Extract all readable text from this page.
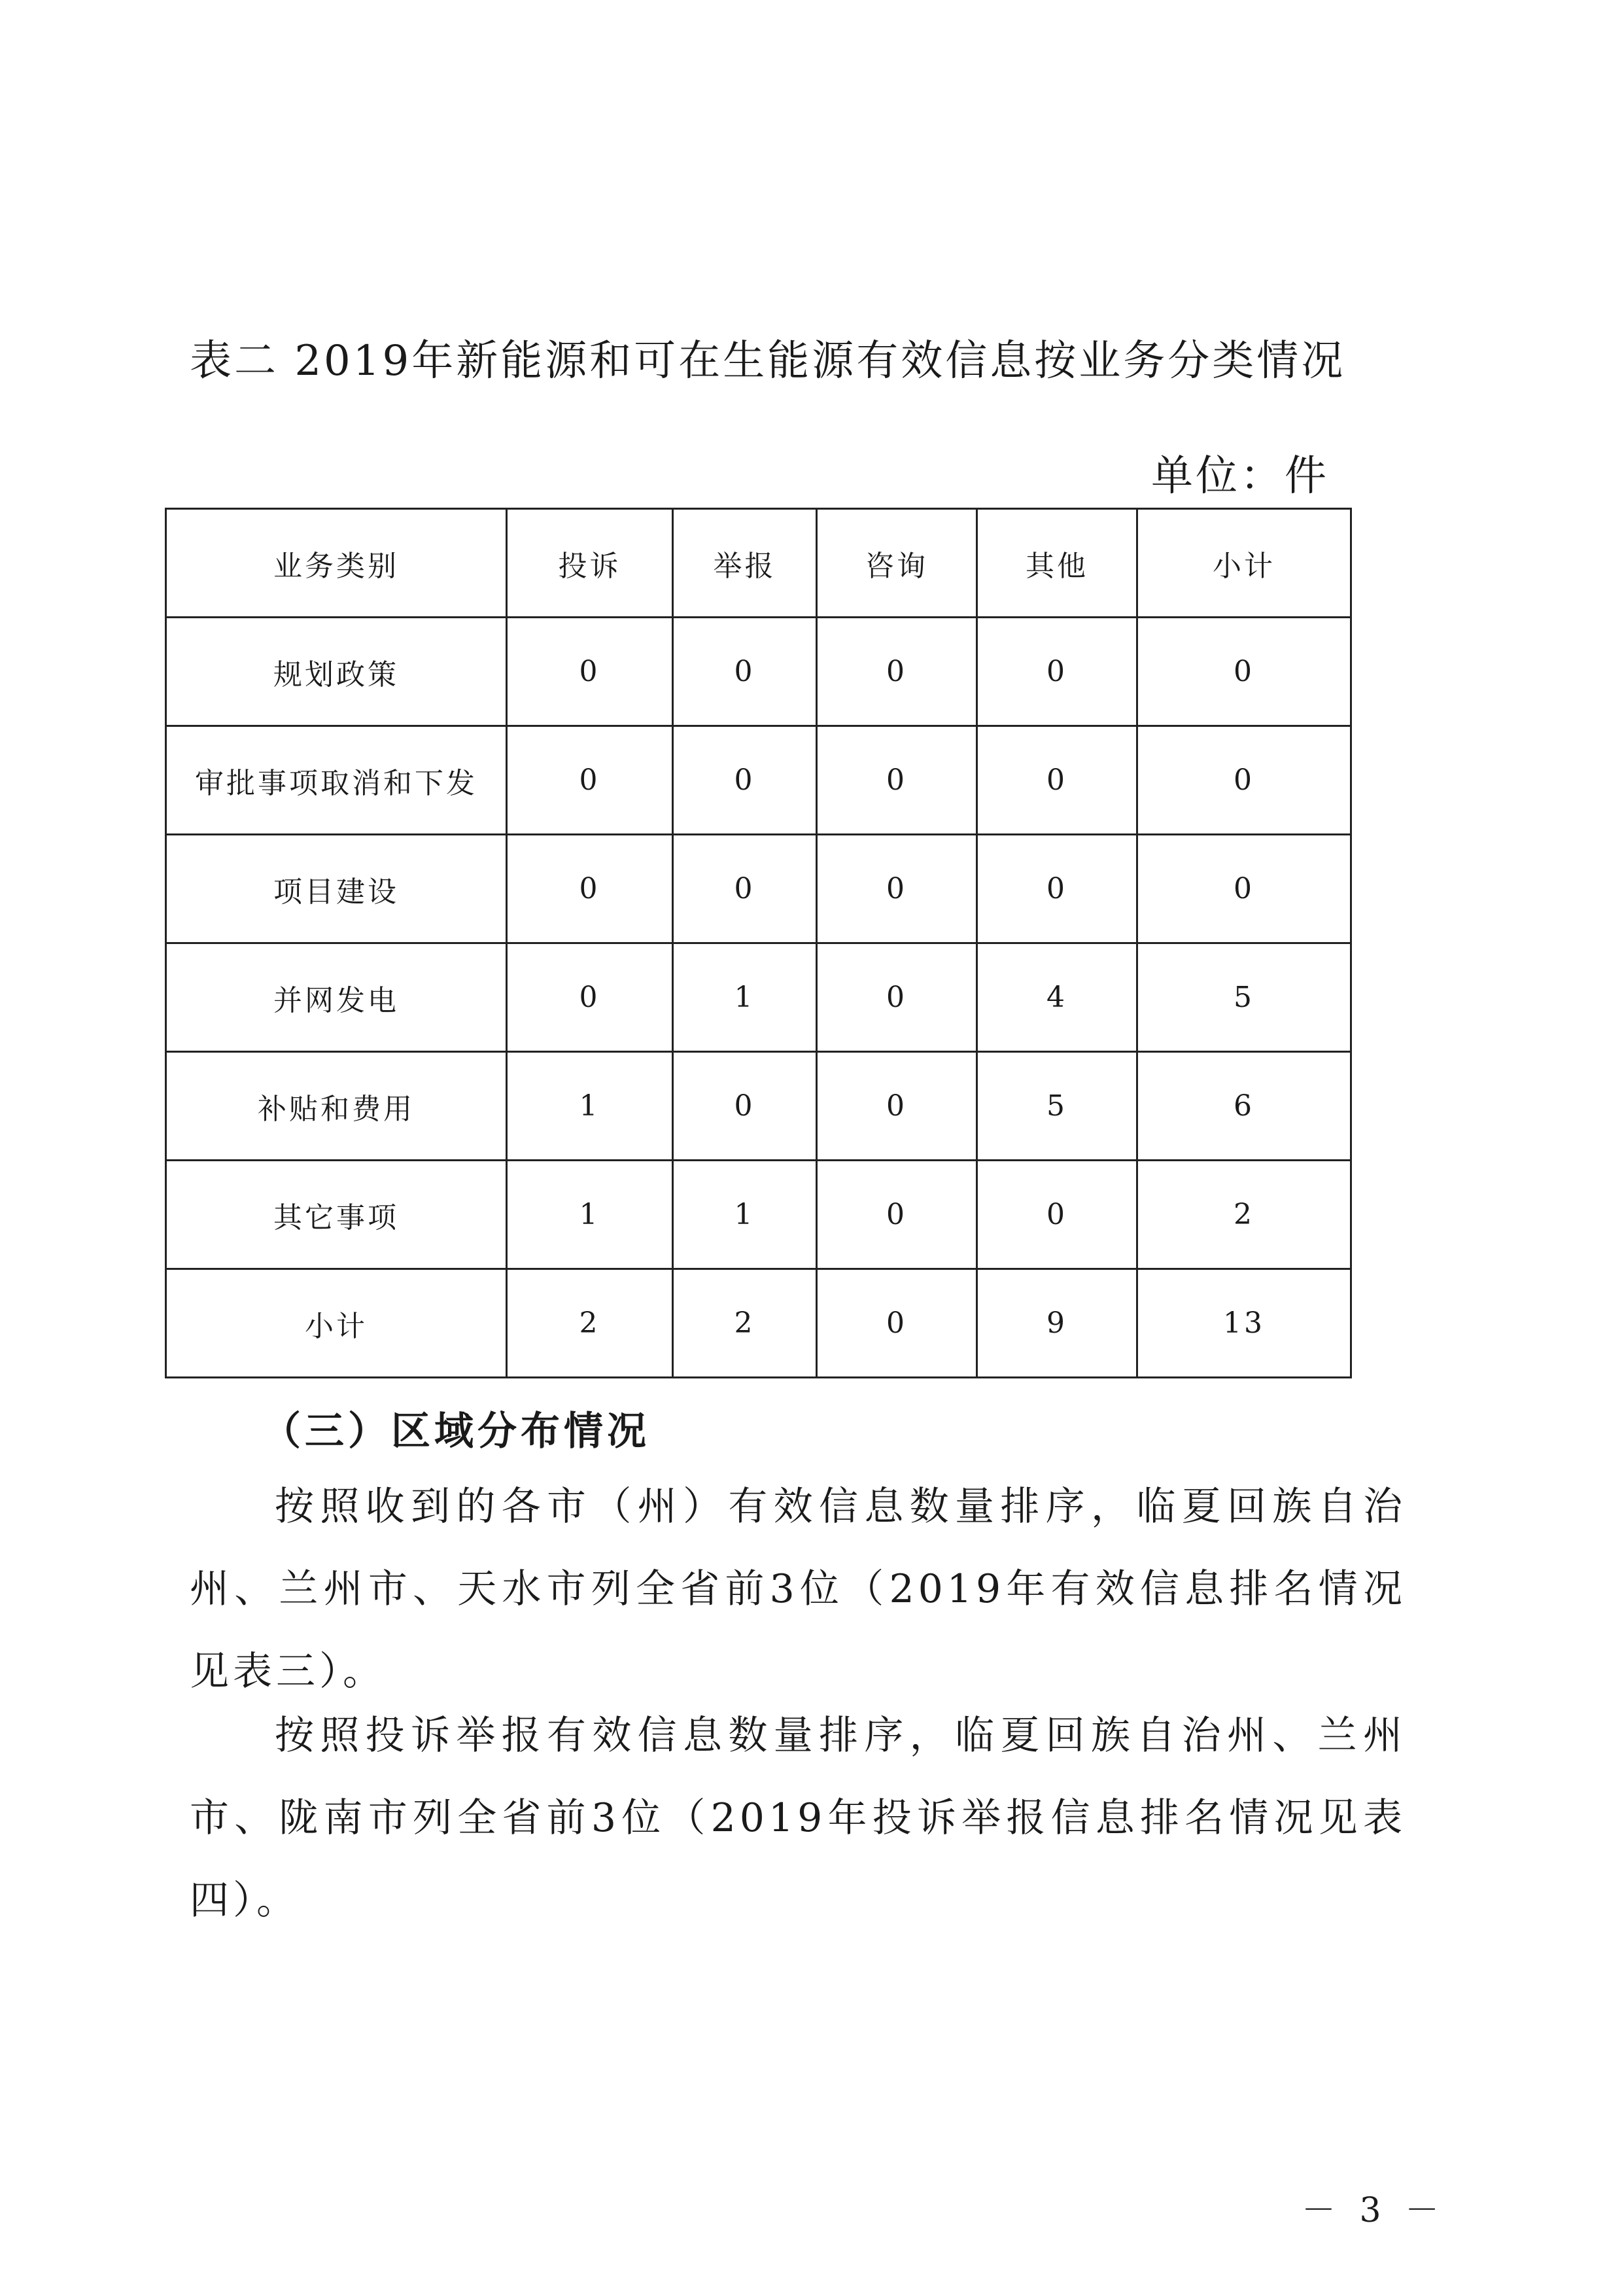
表二 2019年新能源和可在生能源有效信息按业务分类情况
单位：件
业务类别	投诉	举报	咨询	其他	小计
规划政策	0	0	0	0	0
审批事项取消和下发	0	0	0	0	0
项目建设	0	0	0	0	0
并网发电	0	1	0	4	5
补贴和费用	1	0	0	5	6
其它事项	1	1	0	0	2
小计	2	2	0	9	13
（三）区域分布情况

按照收到的各市（州）有效信息数量排序，临夏回族自治州、兰州市、天水市列全省前3位（2019年有效信息排名情况见表三）。

按照投诉举报有效信息数量排序，临夏回族自治州、兰州市、陇南市列全省前3位（2019年投诉举报信息排名情况见表四）。

－ 3 －
